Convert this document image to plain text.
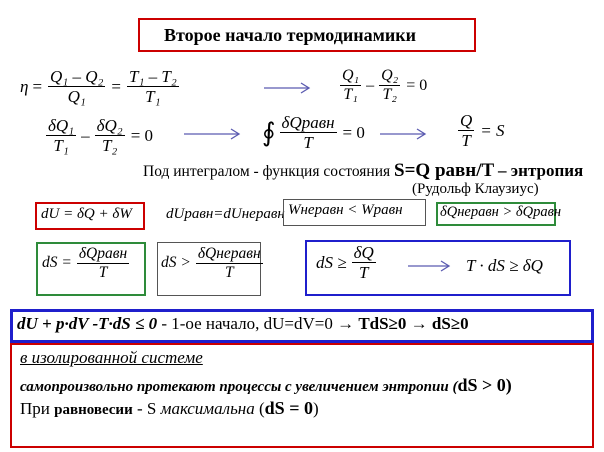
Второе начало термодинамики
$\eta = \frac{\text{Q₁ – Q₂}}{\text{Q₁}} = \frac{\text{T₁ – T₂}}{\text{T₁}}$	$\frac{\text{Q₁}}{\text{T₁}} - \frac{\text{Q₂}}{\text{T₂}} = 0$
$\frac{\text{δQ₁}}{\text{T₁}} - \frac{\text{δQ₂}}{\text{T₂}} = 0$	∮ $\frac{\text{δQравн}}{T} = 0$	$\frac{Q}{T} = S$
Под интегралом - функция состояния S=Q равн/T – энтропия
(Рудольф Клаузиус)
dU = δQ + δW dUравн=dUнеравн Wнеравн < Wравн	δQнеравн > δQравн
dS = $\frac{\text{δQравн}}{T}$ dS > $\frac{\text{δQнеравн}}{T}$	dS ≥ $\frac{\delta Q}{T}$	T · dS ≥ δQ
dU + p·dV -T·dS ≤ 0 - 1-ое начало, dU=dV=0 → TdS≥0 → dS≥0
в изолированной системе
самопроизвольно протекают процессы с увеличением энтропии (dS > 0)
При равновесии - S максимальна (dS = 0)
